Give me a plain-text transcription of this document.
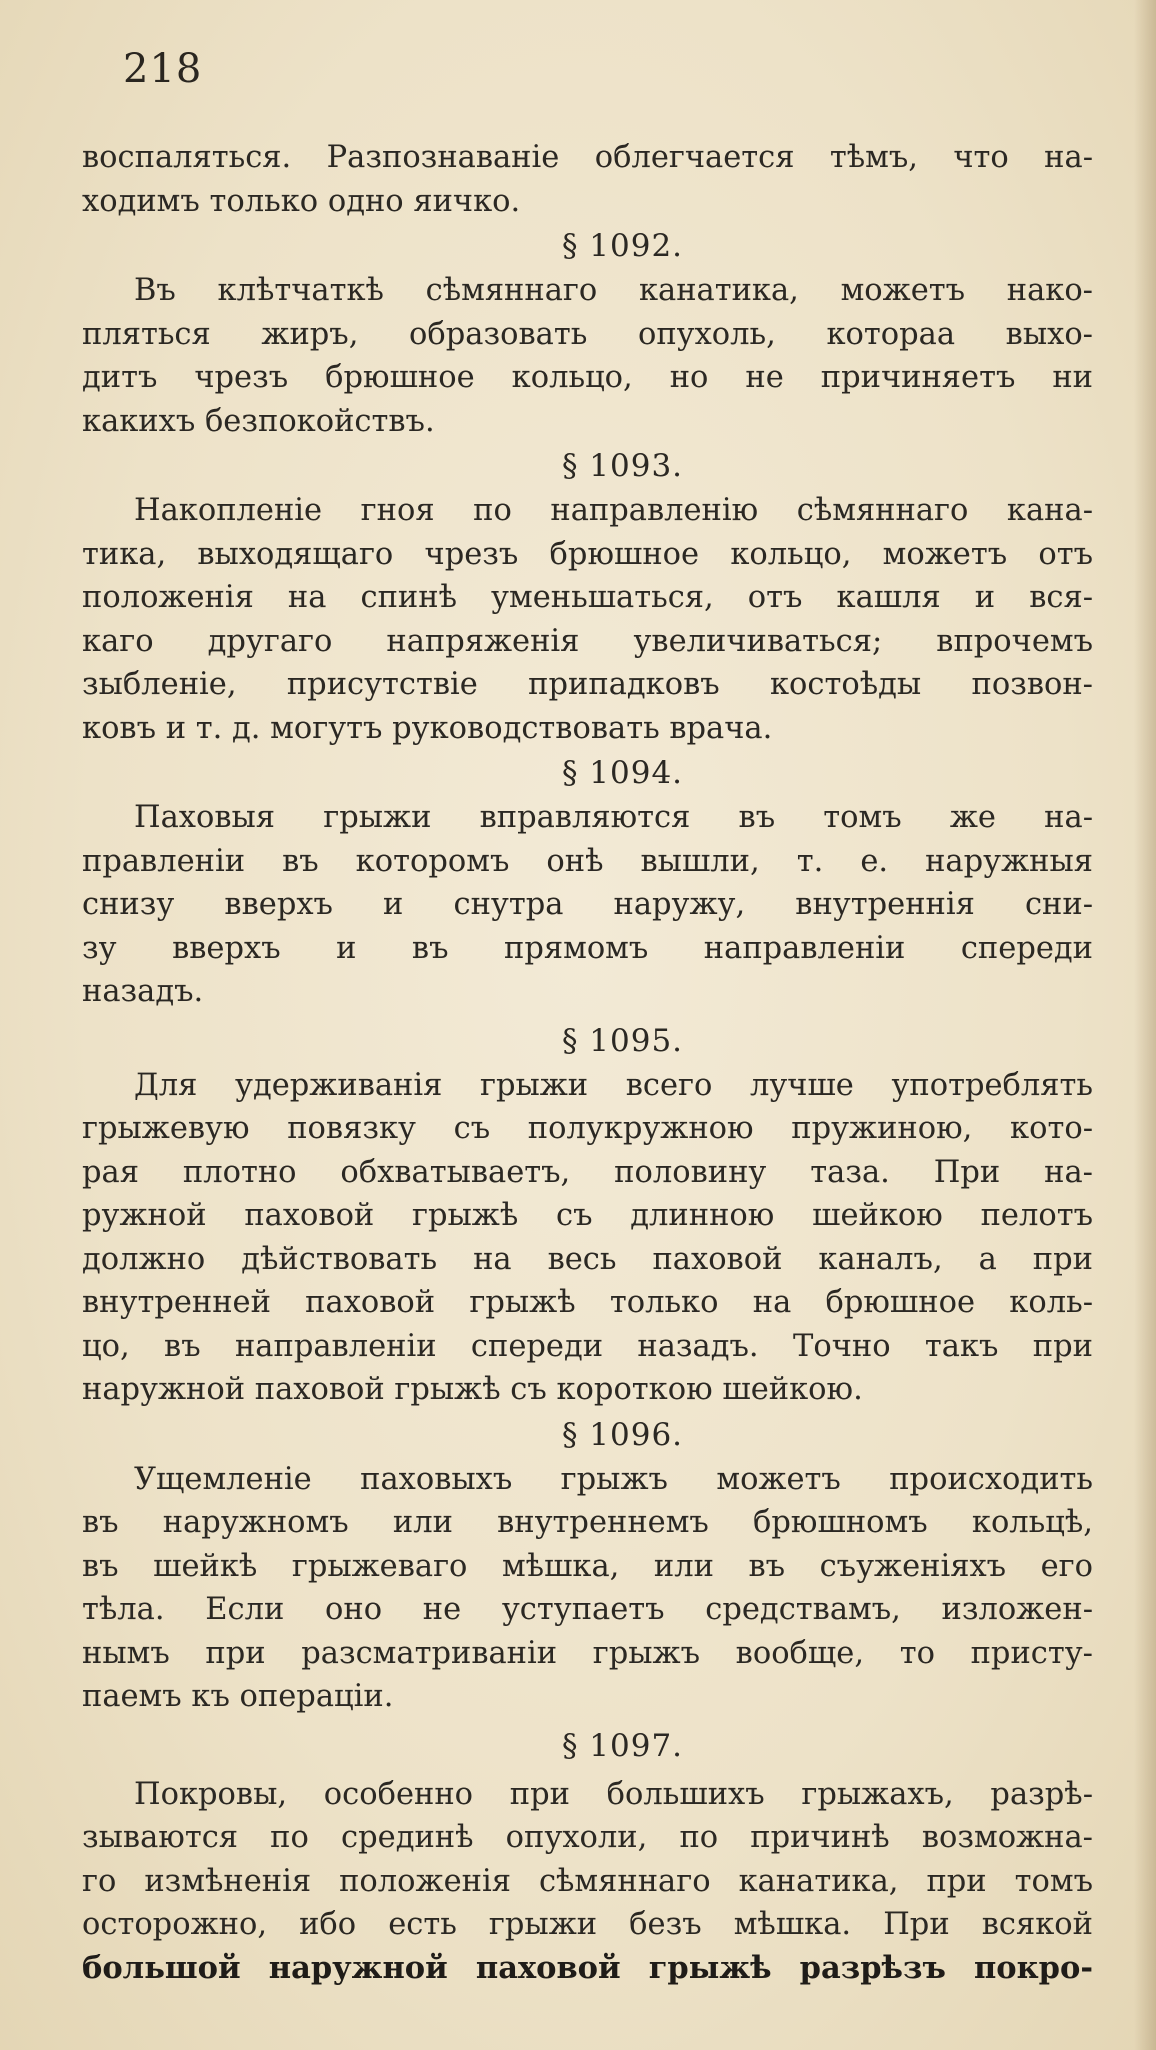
218
воспаляться. Разпознаванiе облегчается тѣмъ, что на-
ходимъ только одно яичко.
§ 1092.
Въ клѣтчаткѣ сѣмяннаго канатика, можетъ нако-
пляться жиръ, образовать опухоль, котораа выхо-
дитъ чрезъ брюшное кольцо, но не причиняетъ ни
какихъ безпокойствъ.
§ 1093.
Накопленiе гноя по направленiю сѣмяннаго кана-
тика, выходящаго чрезъ брюшное кольцо, можетъ отъ
положенiя на спинѣ уменьшаться, отъ кашля и вся-
каго другаго напряженiя увеличиваться; впрочемъ
зыбленiе, присутствiе припадковъ костоѣды позвон-
ковъ и т. д. могутъ руководствовать врача.
§ 1094.
Паховыя грыжи вправляются въ томъ же на-
правленiи въ которомъ онѣ вышли, т. е. наружныя
снизу вверхъ и снутра наружу, внутреннiя сни-
зу вверхъ и въ прямомъ направленiи спереди
назадъ.
§ 1095.
Для удерживанiя грыжи всего лучше употреблять
грыжевую повязку съ полукружною пружиною, кото-
рая плотно обхватываетъ, половину таза. При на-
ружной паховой грыжѣ съ длинною шейкою пелотъ
должно дѣйствовать на весь паховой каналъ, а при
внутренней паховой грыжѣ только на брюшное коль-
цо, въ направленiи спереди назадъ. Точно такъ при
наружной паховой грыжѣ съ короткою шейкою.
§ 1096.
Ущемленiе паховыхъ грыжъ можетъ происходить
въ наружномъ или внутреннемъ брюшномъ кольцѣ,
въ шейкѣ грыжеваго мѣшка, или въ съуженiяхъ его
тѣла. Если оно не уступаетъ средствамъ, изложен-
нымъ при разсматриванiи грыжъ вообще, то присту-
паемъ къ операцiи.
§ 1097.
Покровы, особенно при большихъ грыжахъ, разрѣ-
зываются по срединѣ опухоли, по причинѣ возможна-
го измѣненiя положенiя сѣмяннаго канатика, при томъ
осторожно, ибо есть грыжи безъ мѣшка. При всякой
большой наружной паховой грыжѣ разрѣзъ покро-
